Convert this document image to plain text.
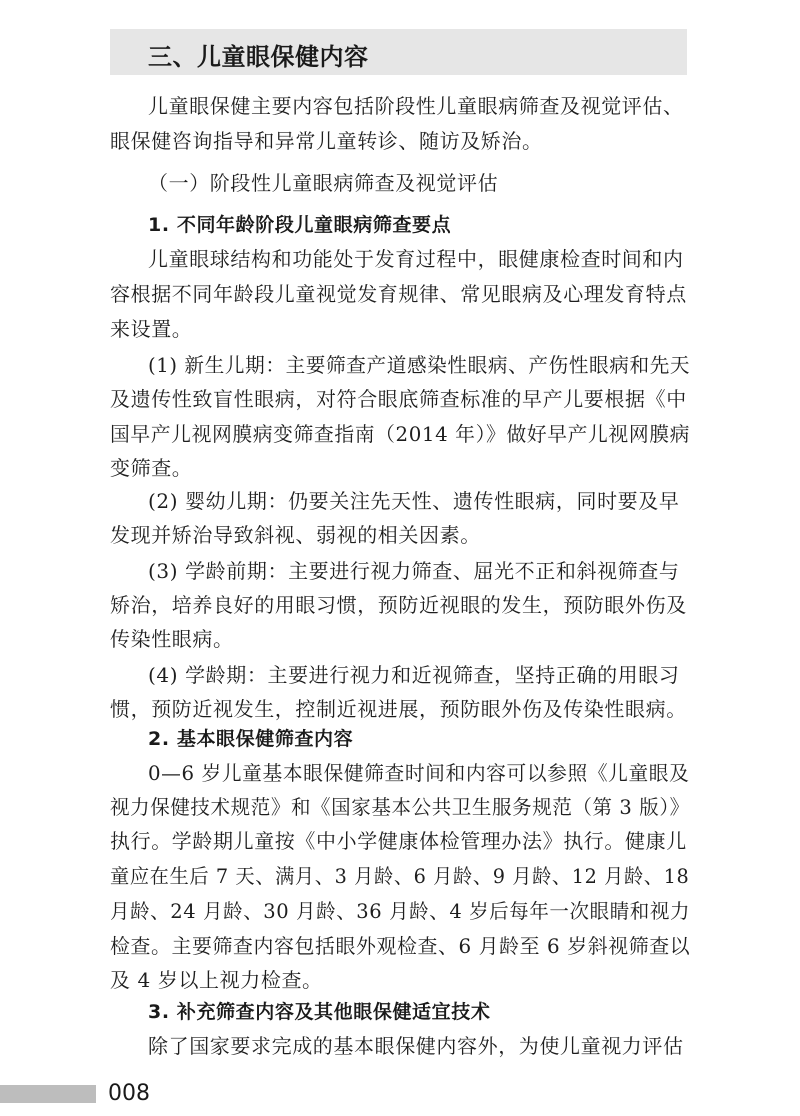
三、儿童眼保健内容
儿童眼保健主要内容包括阶段性儿童眼病筛查及视觉评估、
眼保健咨询指导和异常儿童转诊、随访及矫治。
（一）阶段性儿童眼病筛查及视觉评估
1. 不同年龄阶段儿童眼病筛查要点
儿童眼球结构和功能处于发育过程中，眼健康检查时间和内
容根据不同年龄段儿童视觉发育规律、常见眼病及心理发育特点
来设置。
(1) 新生儿期：主要筛查产道感染性眼病、产伤性眼病和先天
及遗传性致盲性眼病，对符合眼底筛查标准的早产儿要根据《中
国早产儿视网膜病变筛查指南（2014 年）》做好早产儿视网膜病
变筛查。
(2) 婴幼儿期：仍要关注先天性、遗传性眼病，同时要及早
发现并矫治导致斜视、弱视的相关因素。
(3) 学龄前期：主要进行视力筛查、屈光不正和斜视筛查与
矫治，培养良好的用眼习惯，预防近视眼的发生，预防眼外伤及
传染性眼病。
(4) 学龄期：主要进行视力和近视筛查，坚持正确的用眼习
惯，预防近视发生，控制近视进展，预防眼外伤及传染性眼病。
2. 基本眼保健筛查内容
0—6 岁儿童基本眼保健筛查时间和内容可以参照《儿童眼及
视力保健技术规范》和《国家基本公共卫生服务规范（第 3 版）》
执行。学龄期儿童按《中小学健康体检管理办法》执行。健康儿
童应在生后 7 天、满月、3 月龄、6 月龄、9 月龄、12 月龄、18
月龄、24 月龄、30 月龄、36 月龄、4 岁后每年一次眼睛和视力
检查。主要筛查内容包括眼外观检查、6 月龄至 6 岁斜视筛查以
及 4 岁以上视力检查。
3. 补充筛查内容及其他眼保健适宜技术
除了国家要求完成的基本眼保健内容外，为使儿童视力评估
008
